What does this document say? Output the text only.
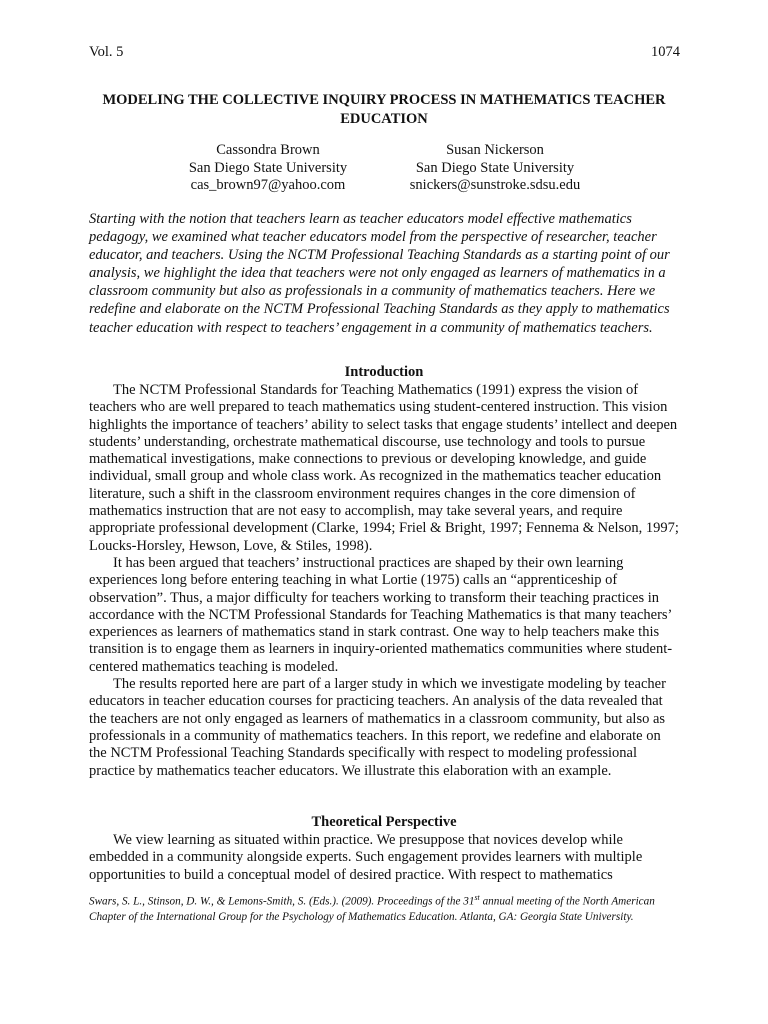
Vol. 5	1074
MODELING THE COLLECTIVE INQUIRY PROCESS IN MATHEMATICS TEACHER EDUCATION
Cassondra Brown
San Diego State University
cas_brown97@yahoo.com
Susan Nickerson
San Diego State University
snickers@sunstroke.sdsu.edu
Starting with the notion that teachers learn as teacher educators model effective mathematics pedagogy, we examined what teacher educators model from the perspective of researcher, teacher educator, and teachers. Using the NCTM Professional Teaching Standards as a starting point of our analysis, we highlight the idea that teachers were not only engaged as learners of mathematics in a classroom community but also as professionals in a community of mathematics teachers. Here we redefine and elaborate on the NCTM Professional Teaching Standards as they apply to mathematics teacher education with respect to teachers’ engagement in a community of mathematics teachers.
Introduction

The NCTM Professional Standards for Teaching Mathematics (1991) express the vision of teachers who are well prepared to teach mathematics using student-centered instruction. This vision highlights the importance of teachers’ ability to select tasks that engage students’ intellect and deepen students’ understanding, orchestrate mathematical discourse, use technology and tools to pursue mathematical investigations, make connections to previous or developing knowledge, and guide individual, small group and whole class work. As recognized in the mathematics teacher education literature, such a shift in the classroom environment requires changes in the core dimension of mathematics instruction that are not easy to accomplish, may take several years, and require appropriate professional development (Clarke, 1994; Friel & Bright, 1997; Fennema & Nelson, 1997; Loucks-Horsley, Hewson, Love, & Stiles, 1998).

It has been argued that teachers’ instructional practices are shaped by their own learning experiences long before entering teaching in what Lortie (1975) calls an “apprenticeship of observation”. Thus, a major difficulty for teachers working to transform their teaching practices in accordance with the NCTM Professional Standards for Teaching Mathematics is that many teachers’ experiences as learners of mathematics stand in stark contrast. One way to help teachers make this transition is to engage them as learners in inquiry-oriented mathematics communities where student-centered mathematics teaching is modeled.

The results reported here are part of a larger study in which we investigate modeling by teacher educators in teacher education courses for practicing teachers. An analysis of the data revealed that the teachers are not only engaged as learners of mathematics in a classroom community, but also as professionals in a community of mathematics teachers. In this report, we redefine and elaborate on the NCTM Professional Teaching Standards specifically with respect to modeling professional practice by mathematics teacher educators. We illustrate this elaboration with an example.

Theoretical Perspective

We view learning as situated within practice. We presuppose that novices develop while embedded in a community alongside experts. Such engagement provides learners with multiple opportunities to build a conceptual model of desired practice. With respect to mathematics

Swars, S. L., Stinson, D. W., & Lemons-Smith, S. (Eds.). (2009). Proceedings of the 31st annual meeting of the North American Chapter of the International Group for the Psychology of Mathematics Education. Atlanta, GA: Georgia State University.
